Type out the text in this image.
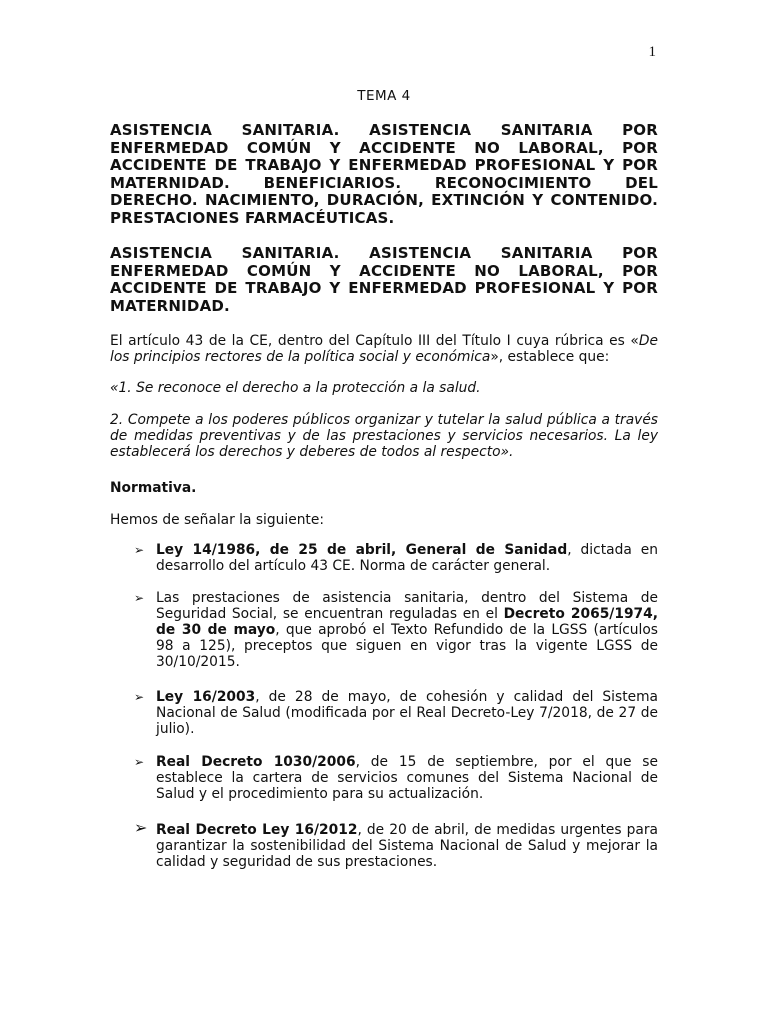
1
TEMA 4
ASISTENCIA SANITARIA. ASISTENCIA SANITARIA POR ENFERMEDAD COMÚN Y ACCIDENTE NO LABORAL, POR ACCIDENTE DE TRABAJO Y ENFERMEDAD PROFESIONAL Y POR MATERNIDAD. BENEFICIARIOS. RECONOCIMIENTO DEL DERECHO. NACIMIENTO, DURACIÓN, EXTINCIÓN Y CONTENIDO. PRESTACIONES FARMACÉUTICAS.
ASISTENCIA SANITARIA. ASISTENCIA SANITARIA POR ENFERMEDAD COMÚN Y ACCIDENTE NO LABORAL, POR ACCIDENTE DE TRABAJO Y ENFERMEDAD PROFESIONAL Y POR MATERNIDAD.
El artículo 43 de la CE, dentro del Capítulo III del Título I cuya rúbrica es «De los principios rectores de la política social y económica», establece que:
«1. Se reconoce el derecho a la protección a la salud.
2. Compete a los poderes públicos organizar y tutelar la salud pública a través de medidas preventivas y de las prestaciones y servicios necesarios. La ley establecerá los derechos y deberes de todos al respecto».
Normativa.
Hemos de señalar la siguiente:
➢ Ley 14/1986, de 25 de abril, General de Sanidad, dictada en desarrollo del artículo 43 CE. Norma de carácter general.
➢ Las prestaciones de asistencia sanitaria, dentro del Sistema de Seguridad Social, se encuentran reguladas en el Decreto 2065/1974, de 30 de mayo, que aprobó el Texto Refundido de la LGSS (artículos 98 a 125), preceptos que siguen en vigor tras la vigente LGSS de 30/10/2015.
➢ Ley 16/2003, de 28 de mayo, de cohesión y calidad del Sistema Nacional de Salud (modificada por el Real Decreto-Ley 7/2018, de 27 de julio).
➢ Real Decreto 1030/2006, de 15 de septiembre, por el que se establece la cartera de servicios comunes del Sistema Nacional de Salud y el procedimiento para su actualización.
➢ Real Decreto Ley 16/2012, de 20 de abril, de medidas urgentes para garantizar la sostenibilidad del Sistema Nacional de Salud y mejorar la calidad y seguridad de sus prestaciones.
